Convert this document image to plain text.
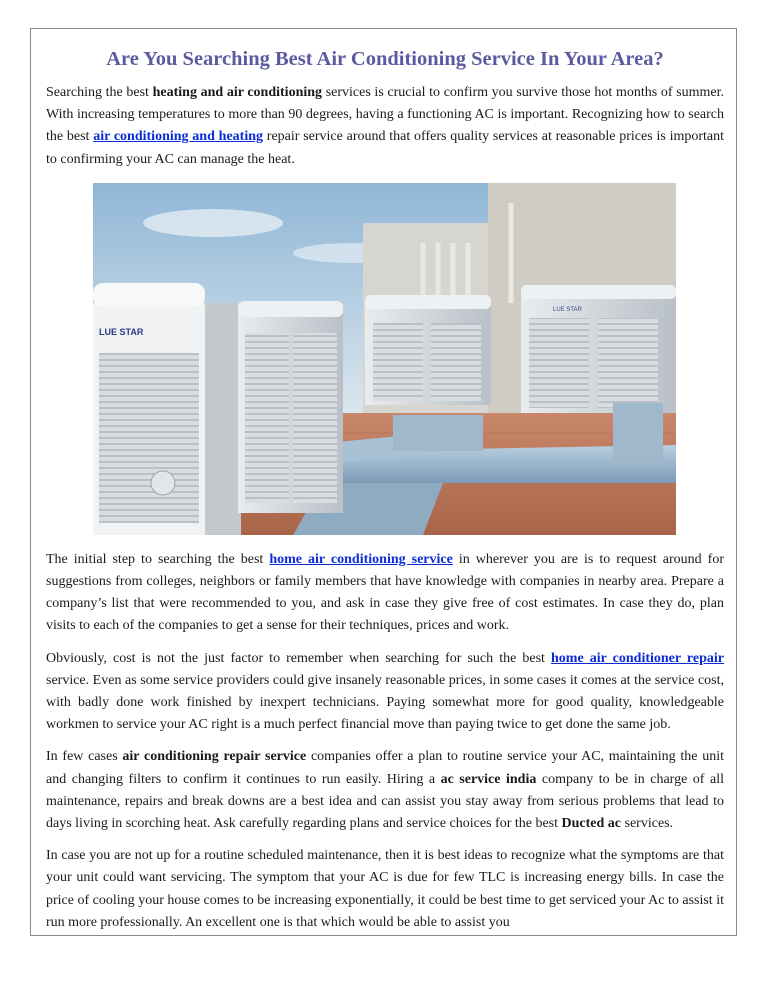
Are You Searching Best Air Conditioning Service In Your Area?

Searching the best heating and air conditioning services is crucial to confirm you survive those hot months of summer. With increasing temperatures to more than 90 degrees, having a functioning AC is important. Recognizing how to search the best air conditioning and heating repair service around that offers quality services at reasonable prices is important to confirming your AC can manage the heat.

LUE STAR
LUE STAR

The initial step to searching the best home air conditioning service in wherever you are is to request around for suggestions from colleges, neighbors or family members that have knowledge with companies in nearby area. Prepare a company’s list that were recommended to you, and ask in case they give free of cost estimates. In case they do, plan visits to each of the companies to get a sense for their techniques, prices and work.

Obviously, cost is not the just factor to remember when searching for such the best home air conditioner repair service. Even as some service providers could give insanely reasonable prices, in some cases it comes at the service cost, with badly done work finished by inexpert technicians. Paying somewhat more for good quality, knowledgeable workmen to service your AC right is a much perfect financial move than paying twice to get done the same job.

In few cases air conditioning repair service companies offer a plan to routine service your AC, maintaining the unit and changing filters to confirm it continues to run easily. Hiring a ac service india company to be in charge of all maintenance, repairs and break downs are a best idea and can assist you stay away from serious problems that lead to days living in scorching heat. Ask carefully regarding plans and service choices for the best Ducted ac services.

In case you are not up for a routine scheduled maintenance, then it is best ideas to recognize what the symptoms are that your unit could want servicing. The symptom that your AC is due for few TLC is increasing energy bills. In case the price of cooling your house comes to be increasing exponentially, it could be best time to get serviced your Ac to assist it run more professionally. An excellent one is that which would be able to assist you
